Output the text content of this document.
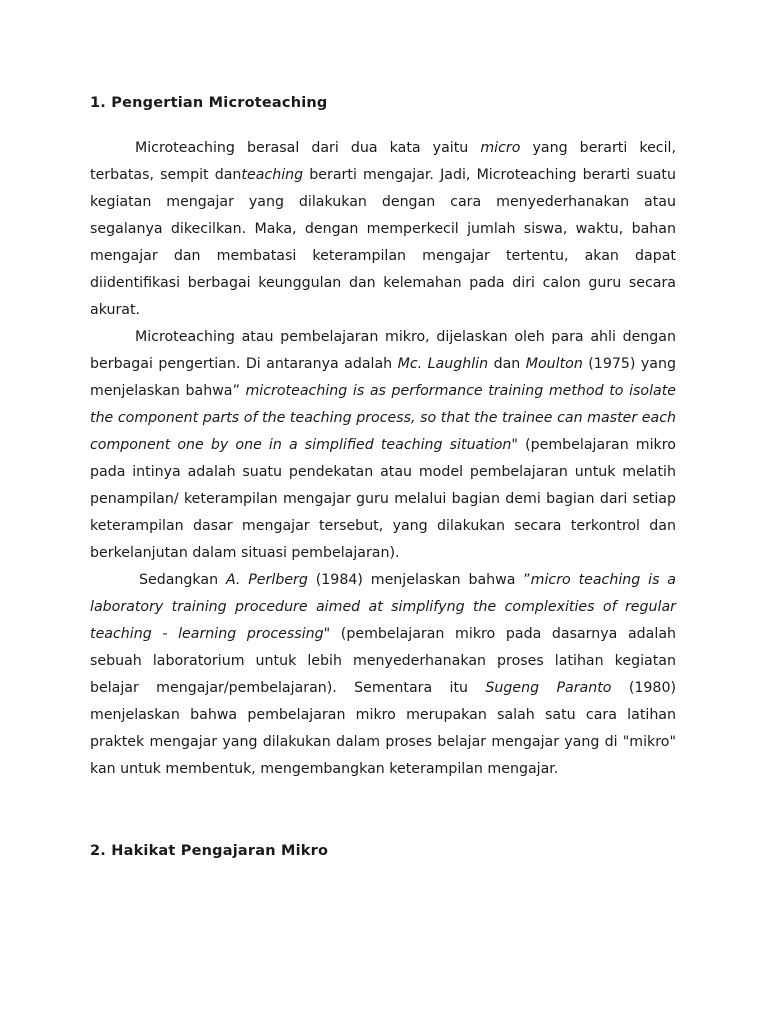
1. Pengertian Microteaching

Microteaching berasal dari dua kata yaitu micro yang berarti kecil, terbatas, sempit danteaching berarti mengajar. Jadi, Microteaching berarti suatu kegiatan mengajar yang dilakukan dengan cara menyederhanakan atau segalanya dikecilkan. Maka, dengan memperkecil jumlah siswa, waktu, bahan mengajar dan membatasi keterampilan mengajar tertentu, akan dapat diidentifikasi berbagai keunggulan dan kelemahan pada diri calon guru secara akurat.

Microteaching atau pembelajaran mikro, dijelaskan oleh para ahli dengan berbagai pengertian. Di antaranya adalah Mc. Laughlin dan Moulton (1975) yang menjelaskan bahwa” microteaching is as performance training method to isolate the component parts of the teaching process, so that the trainee can master each component one by one in a simplified teaching situation" (pembelajaran mikro pada intinya adalah suatu pendekatan atau model pembelajaran untuk melatih penampilan/ keterampilan mengajar guru melalui bagian demi bagian dari setiap keterampilan dasar mengajar tersebut, yang dilakukan secara terkontrol dan berkelanjutan dalam situasi pembelajaran).

Sedangkan A. Perlberg (1984) menjelaskan bahwa ”micro teaching is a laboratory training procedure aimed at simplifyng the complexities of regular teaching - learning processing" (pembelajaran mikro pada dasarnya adalah sebuah laboratorium untuk lebih menyederhanakan proses latihan kegiatan belajar mengajar/pembelajaran). Sementara itu Sugeng Paranto (1980) menjelaskan bahwa pembelajaran mikro merupakan salah satu cara latihan praktek mengajar yang dilakukan dalam proses belajar mengajar yang di "mikro" kan untuk membentuk, mengembangkan keterampilan mengajar.

2. Hakikat Pengajaran Mikro
